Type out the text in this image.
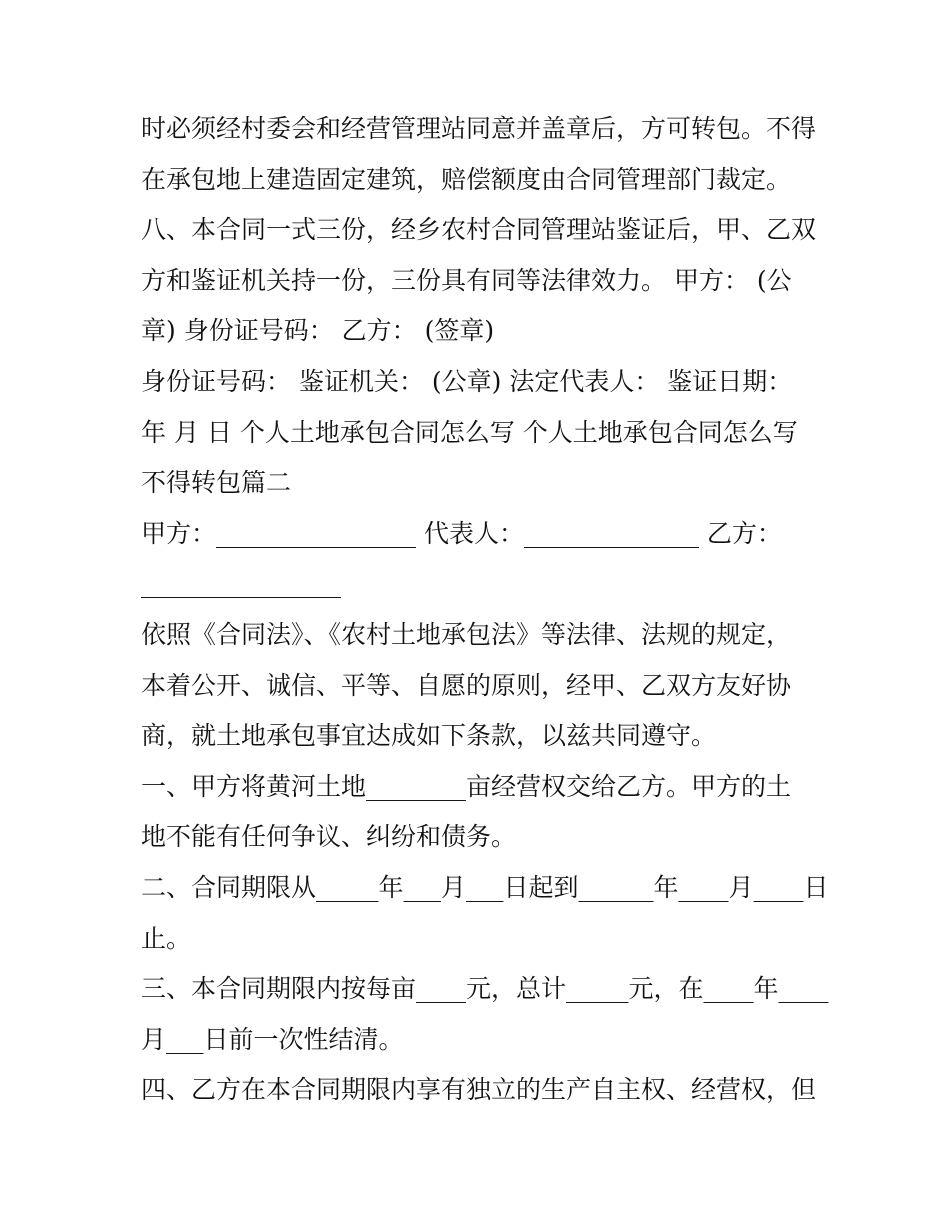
时必须经村委会和经营管理站同意并盖章后，方可转包。不得
在承包地上建造固定建筑，赔偿额度由合同管理部门裁定。
八、本合同一式三份，经乡农村合同管理站鉴证后，甲、乙双
方和鉴证机关持一份，三份具有同等法律效力。 甲方： (公
章) 身份证号码： 乙方： (签章)
身份证号码： 鉴证机关： (公章) 法定代表人： 鉴证日期：
年 月 日 个人土地承包合同怎么写 个人土地承包合同怎么写
不得转包篇二
甲方：________________ 代表人：______________ 乙方：
________________
依照《合同法》、《农村土地承包法》等法律、法规的规定，
本着公开、诚信、平等、自愿的原则，经甲、乙双方友好协
商，就土地承包事宜达成如下条款，以兹共同遵守。
一、甲方将黄河土地________亩经营权交给乙方。甲方的土
地不能有任何争议、纠纷和债务。
二、合同期限从_____年___月___日起到______年____月____日
止。
三、本合同期限内按每亩____元，总计_____元，在____年____
月___日前一次性结清。
四、乙方在本合同期限内享有独立的生产自主权、经营权，但
